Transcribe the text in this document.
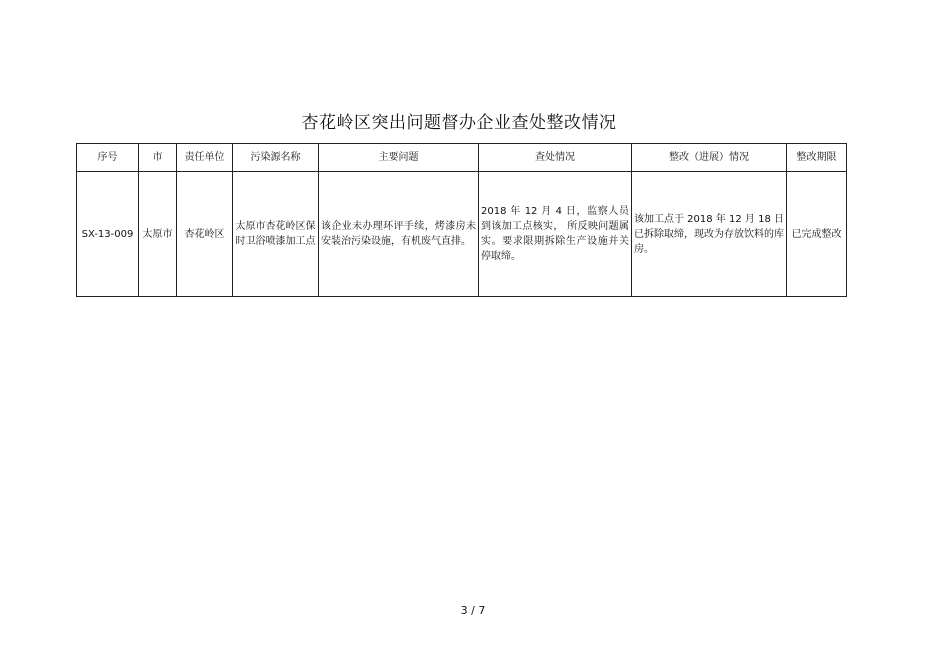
杏花岭区突出问题督办企业查处整改情况
序号	市	责任单位	污染源名称	主要问题	查处情况	整改（进展）情况	整改期限
SX-13-009	太原市	杏花岭区	太原市杏花岭区保时卫浴喷漆加工点	该企业未办理环评手续，烤漆房未安装治污染设施，有机废气直排。	2018 年 12 月 4 日，监察人员到该加工点核实， 所反映问题属实。要求限期拆除生产设施并关停取缔。	该加工点于 2018 年 12 月 18 日已拆除取缔，现改为存放饮料的库房。	已完成整改
3 / 7
